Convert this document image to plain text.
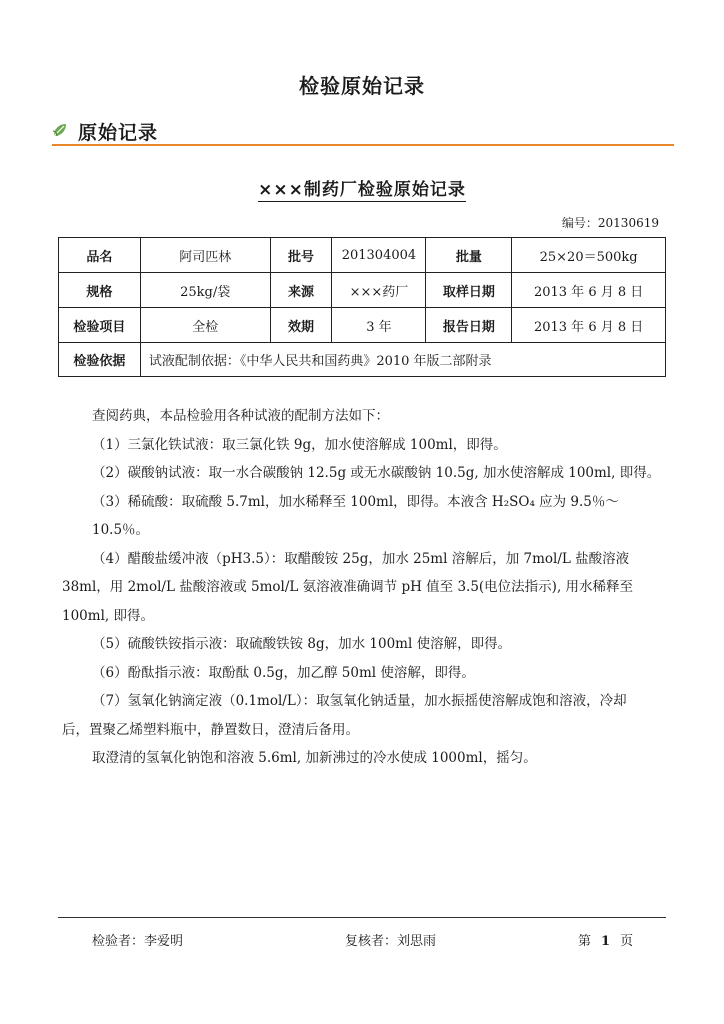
检验原始记录
原始记录
×××制药厂检验原始记录
编号：20130619
品名	阿司匹林	批号	201304004	批量	25×20＝500kg
规格	25kg/袋	来源	×××药厂	取样日期	2013 年 6 月 8 日
检验项目	全检	效期	3 年	报告日期	2013 年 6 月 8 日
检验依据	试液配制依据：《中华人民共和国药典》2010 年版二部附录				

查阅药典，本品检验用各种试液的配制方法如下：

（1）三氯化铁试液：取三氯化铁 9g，加水使溶解成 100ml，即得。

（2）碳酸钠试液：取一水合碳酸钠 12.5g 或无水碳酸钠 10.5g, 加水使溶解成 100ml, 即得。

（3）稀硫酸：取硫酸 5.7ml，加水稀释至 100ml，即得。本液含 H₂SO₄ 应为 9.5％～10.5％。

（4）醋酸盐缓冲液（pH3.5）：取醋酸铵 25g，加水 25ml 溶解后，加 7mol/L 盐酸溶液

38ml，用 2mol/L 盐酸溶液或 5mol/L 氨溶液准确调节 pH 值至 3.5(电位法指示), 用水稀释至

100ml, 即得。

（5）硫酸铁铵指示液：取硫酸铁铵 8g，加水 100ml 使溶解，即得。

（6）酚酞指示液：取酚酞 0.5g，加乙醇 50ml 使溶解，即得。

（7）氢氧化钠滴定液（0.1mol/L）：取氢氧化钠适量，加水振摇使溶解成饱和溶液，冷却

后，置聚乙烯塑料瓶中，静置数日，澄清后备用。

取澄清的氢氧化钠饱和溶液 5.6ml, 加新沸过的冷水使成 1000ml，摇匀。

检验者：李爱明	复核者：刘思雨	第 1 页
